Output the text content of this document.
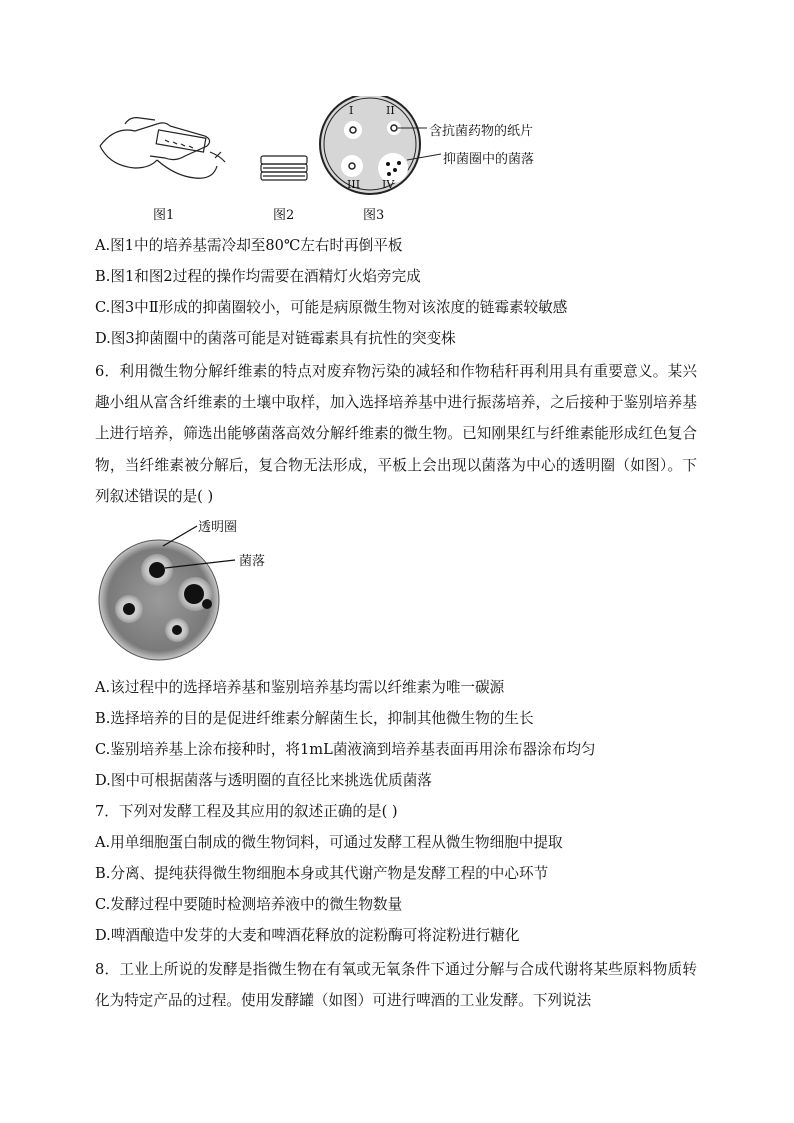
I	II
III IV
含抗菌药物的纸片
抑菌圈中的菌落
图1	图2	图3
A.图1中的培养基需冷却至80℃左右时再倒平板
B.图1和图2过程的操作均需要在酒精灯火焰旁完成
C.图3中Ⅱ形成的抑菌圈较小，可能是病原微生物对该浓度的链霉素较敏感
D.图3抑菌圈中的菌落可能是对链霉素具有抗性的突变株
6．利用微生物分解纤维素的特点对废弃物污染的减轻和作物秸秆再利用具有重要意义。某兴趣小组从富含纤维素的土壤中取样，加入选择培养基中进行振荡培养，之后接种于鉴别培养基上进行培养，筛选出能够菌落高效分解纤维素的微生物。已知刚果红与纤维素能形成红色复合物，当纤维素被分解后，复合物无法形成，平板上会出现以菌落为中心的透明圈（如图）。下列叙述错误的是( )
透明圈
菌落
A.该过程中的选择培养基和鉴别培养基均需以纤维素为唯一碳源
B.选择培养的目的是促进纤维素分解菌生长，抑制其他微生物的生长
C.鉴别培养基上涂布接种时，将1mL菌液滴到培养基表面再用涂布器涂布均匀
D.图中可根据菌落与透明圈的直径比来挑选优质菌落
7．下列对发酵工程及其应用的叙述正确的是( )
A.用单细胞蛋白制成的微生物饲料，可通过发酵工程从微生物细胞中提取
B.分离、提纯获得微生物细胞本身或其代谢产物是发酵工程的中心环节
C.发酵过程中要随时检测培养液中的微生物数量
D.啤酒酿造中发芽的大麦和啤酒花释放的淀粉酶可将淀粉进行糖化
8．工业上所说的发酵是指微生物在有氧或无氧条件下通过分解与合成代谢将某些原料物质转化为特定产品的过程。使用发酵罐（如图）可进行啤酒的工业发酵。下列说法
